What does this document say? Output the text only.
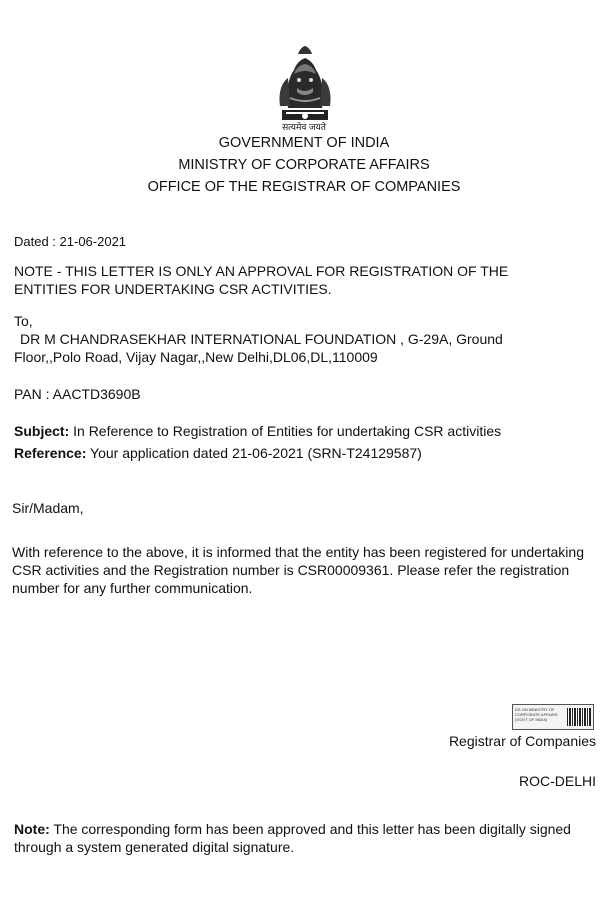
सत्यमेव जयते
GOVERNMENT OF INDIA
MINISTRY OF CORPORATE AFFAIRS
OFFICE OF THE REGISTRAR OF COMPANIES
Dated : 21-06-2021
NOTE - THIS LETTER IS ONLY AN APPROVAL FOR REGISTRATION OF THE
ENTITIES FOR UNDERTAKING CSR ACTIVITIES.
To,
DR M CHANDRASEKHAR INTERNATIONAL FOUNDATION , G-29A, Ground
Floor,,Polo Road, Vijay Nagar,,New Delhi,DL06,DL,110009
PAN : AACTD3690B
Subject: In Reference to Registration of Entities for undertaking CSR activities
Reference: Your application dated 21-06-2021 (SRN-T24129587)
Sir/Madam,
With reference to the above, it is informed that the entity has been registered for undertaking
CSR activities and the Registration number is CSR00009361. Please refer the registration
number for any further communication.
DS ON MINISTRY OF CORPORATE AFFAIRS (GOVT OF INDIA)
Registrar of Companies
ROC-DELHI
Note: The corresponding form has been approved and this letter has been digitally signed
through a system generated digital signature.
